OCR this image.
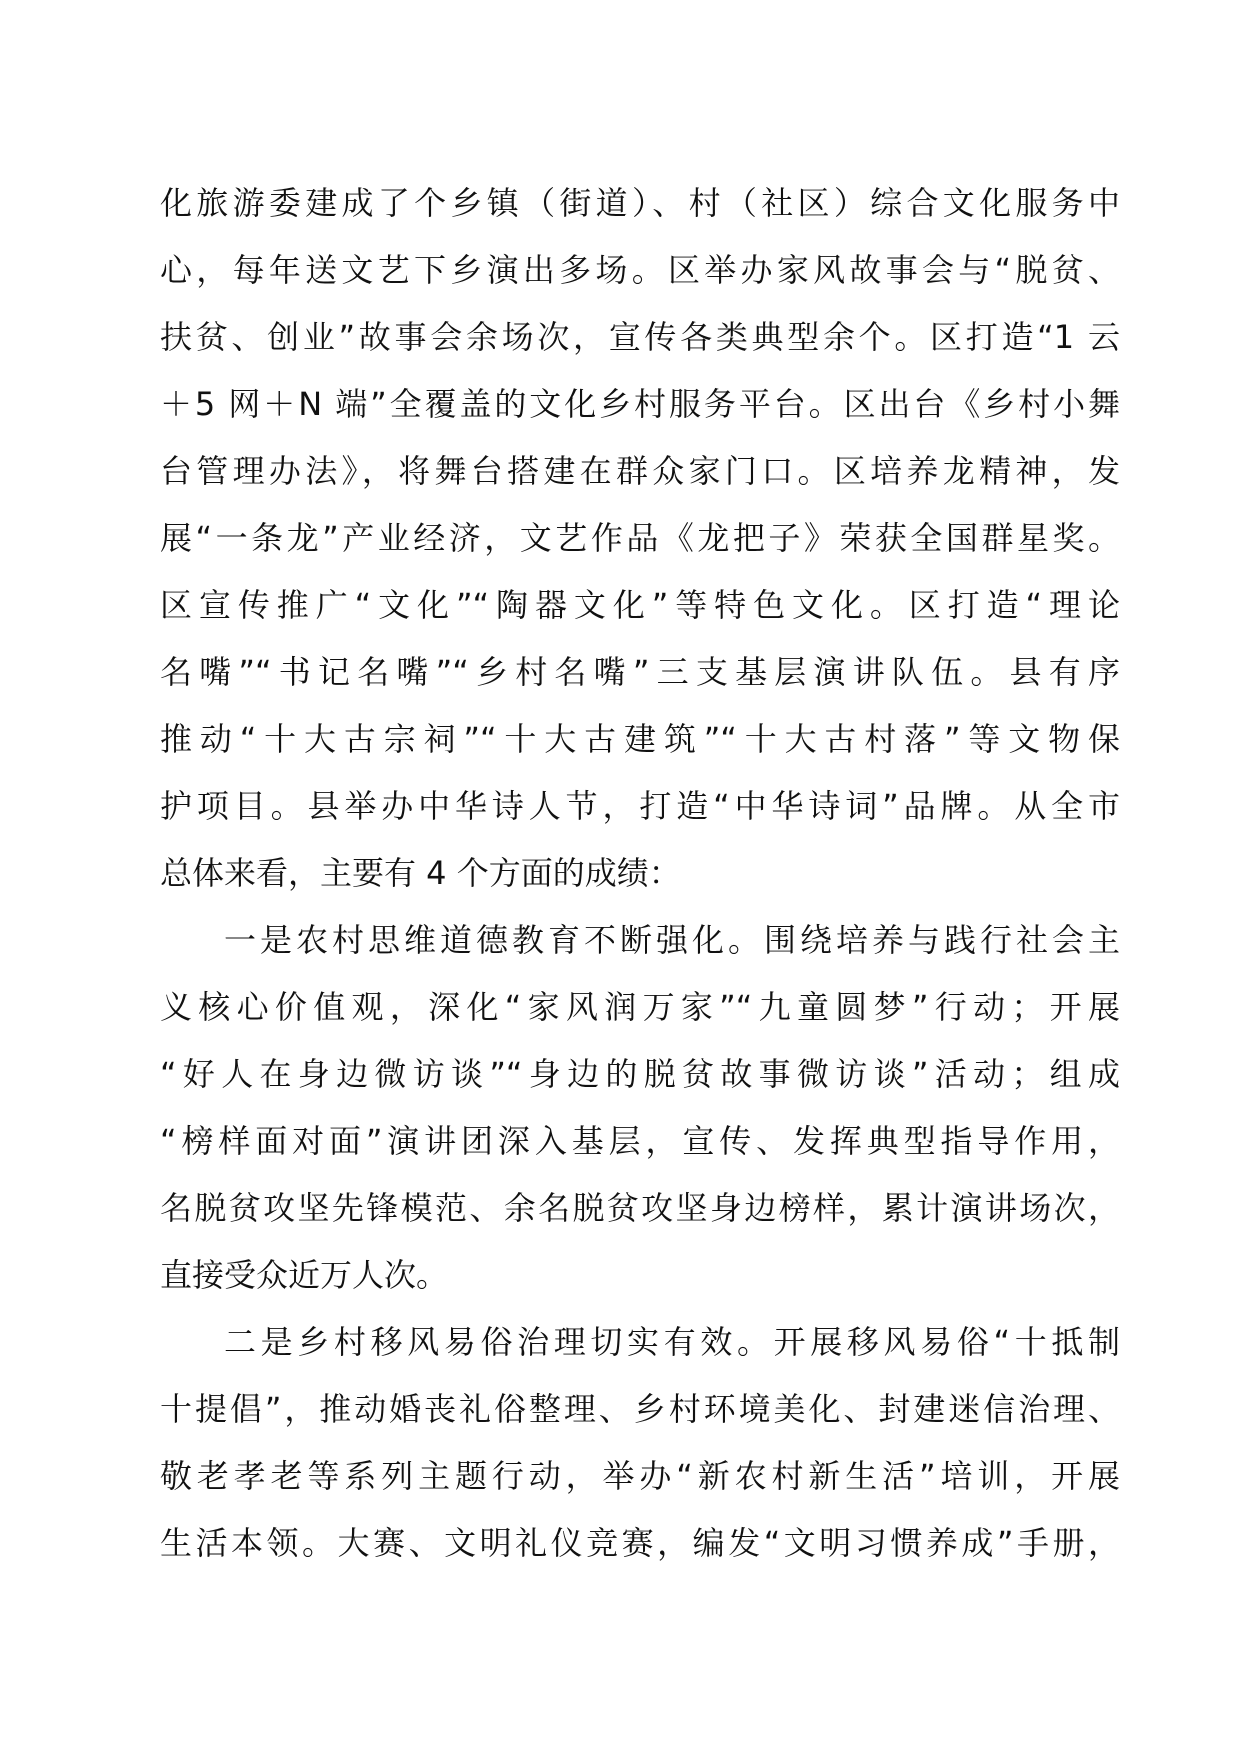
化旅游委建成了个乡镇（街道）、村（社区）综合文化服务中
心，每年送文艺下乡演出多场。区举办家风故事会与“脱贫、
扶贫、创业”故事会余场次，宣传各类典型余个。区打造“1 云
＋5 网＋N 端”全覆盖的文化乡村服务平台。区出台《乡村小舞
台管理办法》，将舞台搭建在群众家门口。区培养龙精神，发
展“一条龙”产业经济，文艺作品《龙把子》荣获全国群星奖。
区宣传推广“文化”“陶器文化”等特色文化。区打造“理论
名嘴”“书记名嘴”“乡村名嘴”三支基层演讲队伍。县有序
推动“十大古宗祠”“十大古建筑”“十大古村落”等文物保
护项目。县举办中华诗人节，打造“中华诗词”品牌。从全市
总体来看，主要有 4 个方面的成绩：
一是农村思维道德教育不断强化。围绕培养与践行社会主
义核心价值观，深化“家风润万家”“九童圆梦”行动；开展
“好人在身边微访谈”“身边的脱贫故事微访谈”活动；组成
“榜样面对面”演讲团深入基层，宣传、发挥典型指导作用，
名脱贫攻坚先锋模范、余名脱贫攻坚身边榜样，累计演讲场次，
直接受众近万人次。
二是乡村移风易俗治理切实有效。开展移风易俗“十抵制
十提倡”，推动婚丧礼俗整理、乡村环境美化、封建迷信治理、
敬老孝老等系列主题行动，举办“新农村新生活”培训，开展
生活本领。大赛、文明礼仪竞赛，编发“文明习惯养成”手册，
